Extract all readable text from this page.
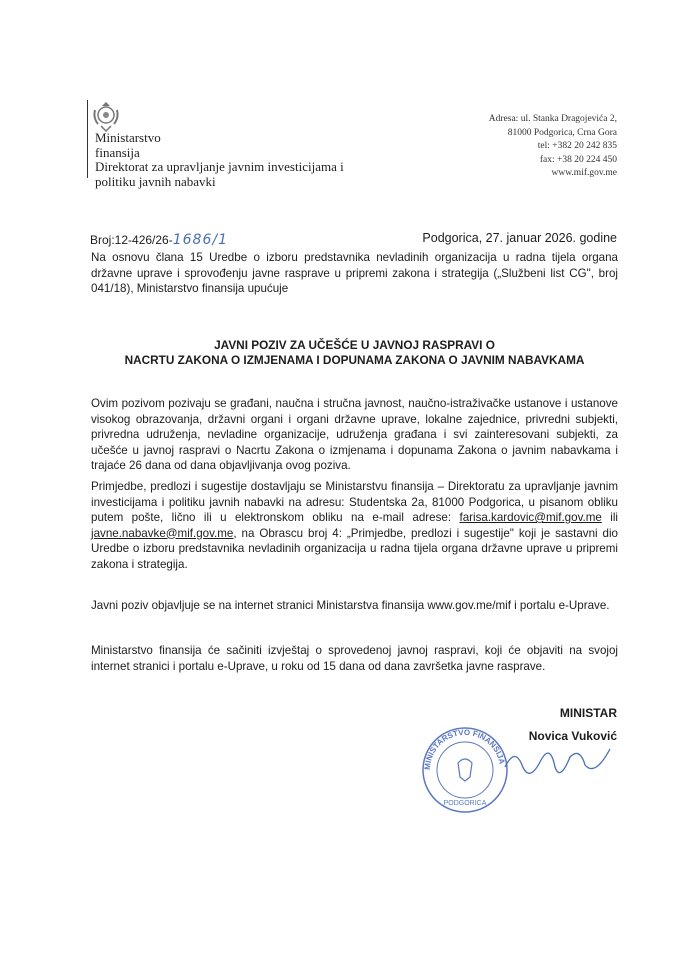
Ministarstvo
finansija
Direktorat za upravljanje javnim investicijama i
politiku javnih nabavki
Adresa: ul. Stanka Dragojevića 2,
81000 Podgorica, Crna Gora
tel: +382 20 242 835
fax: +38 20 224 450
www.mif.gov.me
Broj:12-426/26-1686/1	Podgorica, 27. januar 2026. godine

Na osnovu člana 15 Uredbe o izboru predstavnika nevladinih organizacija u radna tijela organa državne uprave i sprovođenju javne rasprave u pripremi zakona i strategija („Službeni list CG", broj 041/18), Ministarstvo finansija upućuje

JAVNI POZIV ZA UČEŠĆE U JAVNOJ RASPRAVI O
NACRTU ZAKONA O IZMJENAMA I DOPUNAMA ZAKONA O JAVNIM NABAVKAMA

Ovim pozivom pozivaju se građani, naučna i stručna javnost, naučno-istraživačke ustanove i ustanove visokog obrazovanja, državni organi i organi državne uprave, lokalne zajednice, privredni subjekti, privredna udruženja, nevladine organizacije, udruženja građana i svi zainteresovani subjekti, za učešće u javnoj raspravi o Nacrtu Zakona o izmjenama i dopunama Zakona o javnim nabavkama i trajaće 26 dana od dana objavljivanja ovog poziva.

Primjedbe, predlozi i sugestije dostavljaju se Ministarstvu finansija – Direktoratu za upravljanje javnim investicijama i politiku javnih nabavki na adresu: Studentska 2a, 81000 Podgorica, u pisanom obliku putem pošte, lično ili u elektronskom obliku na e-mail adrese: farisa.kardovic@mif.gov.me ili javne.nabavke@mif.gov.me, na Obrascu broj 4: „Primjedbe, predlozi i sugestije" koji je sastavni dio Uredbe o izboru predstavnika nevladinih organizacija u radna tijela organa državne uprave u pripremi zakona i strategija.

Javni poziv objavljuje se na internet stranici Ministarstva finansija www.gov.me/mif i portalu e-Uprave.

Ministarstvo finansija će sačiniti izvještaj o sprovedenoj javnoj raspravi, koji će objaviti na svojoj internet stranici i portalu e-Uprave, u roku od 15 dana od dana završetka javne rasprave.

MINISTAR
Novica Vuković
MINISTARSTVO FINANSIJA
PODGORICA
